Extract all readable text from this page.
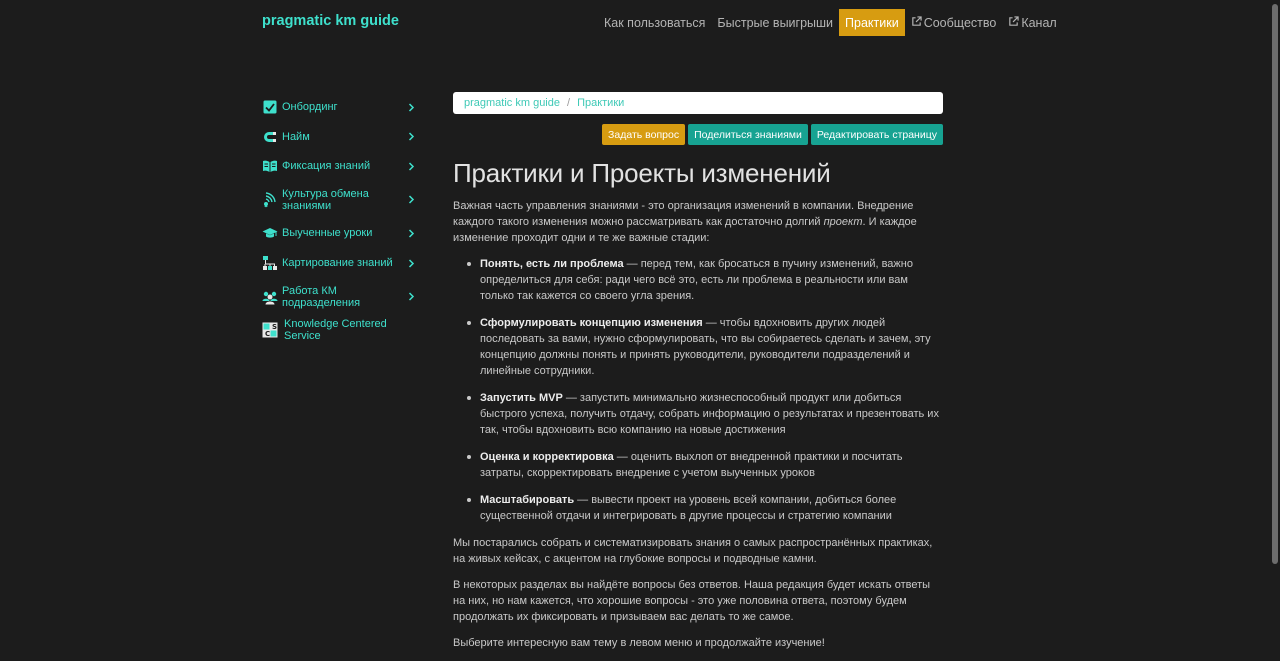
pragmatic km guide	Как пользоваться Быстрые выигрыши Практики Сообщество Канал
Онбординг
Найм
Фиксация знаний
Культура обмена знаниями
Выученные уроки
Картирование знаний
Работа КМ подразделения
C
S Knowledge Centered Service
pragmatic km guide / Практики
Задать вопрос	Поделиться знаниями	Редактировать страницу
Практики и Проекты изменений

Важная часть управления знаниями - это организация изменений в компании. Внедрение каждого такого изменения можно рассматривать как достаточно долгий проект. И каждое изменение проходит одни и те же важные стадии:

Понять, есть ли проблема — перед тем, как бросаться в пучину изменений, важно определиться для себя: ради чего всё это, есть ли проблема в реальности или вам только так кажется со своего угла зрения.
Сформулировать концепцию изменения — чтобы вдохновить других людей последовать за вами, нужно сформулировать, что вы собираетесь сделать и зачем, эту концепцию должны понять и принять руководители, руководители подразделений и линейные сотрудники.
Запустить MVP — запустить минимально жизнеспособный продукт или добиться быстрого успеха, получить отдачу, собрать информацию о результатах и презентовать их так, чтобы вдохновить всю компанию на новые достижения
Оценка и корректировка — оценить выхлоп от внедренной практики и посчитать затраты, скорректировать внедрение с учетом выученных уроков
Масштабировать — вывести проект на уровень всей компании, добиться более существенной отдачи и интегрировать в другие процессы и стратегию компании

Мы постарались собрать и систематизировать знания о самых распространённых практиках, на живых кейсах, с акцентом на глубокие вопросы и подводные камни.

В некоторых разделах вы найдёте вопросы без ответов. Наша редакция будет искать ответы на них, но нам кажется, что хорошие вопросы - это уже половина ответа, поэтому будем продолжать их фиксировать и призываем вас делать то же самое.

Выберите интересную вам тему в левом меню и продолжайте изучение!
